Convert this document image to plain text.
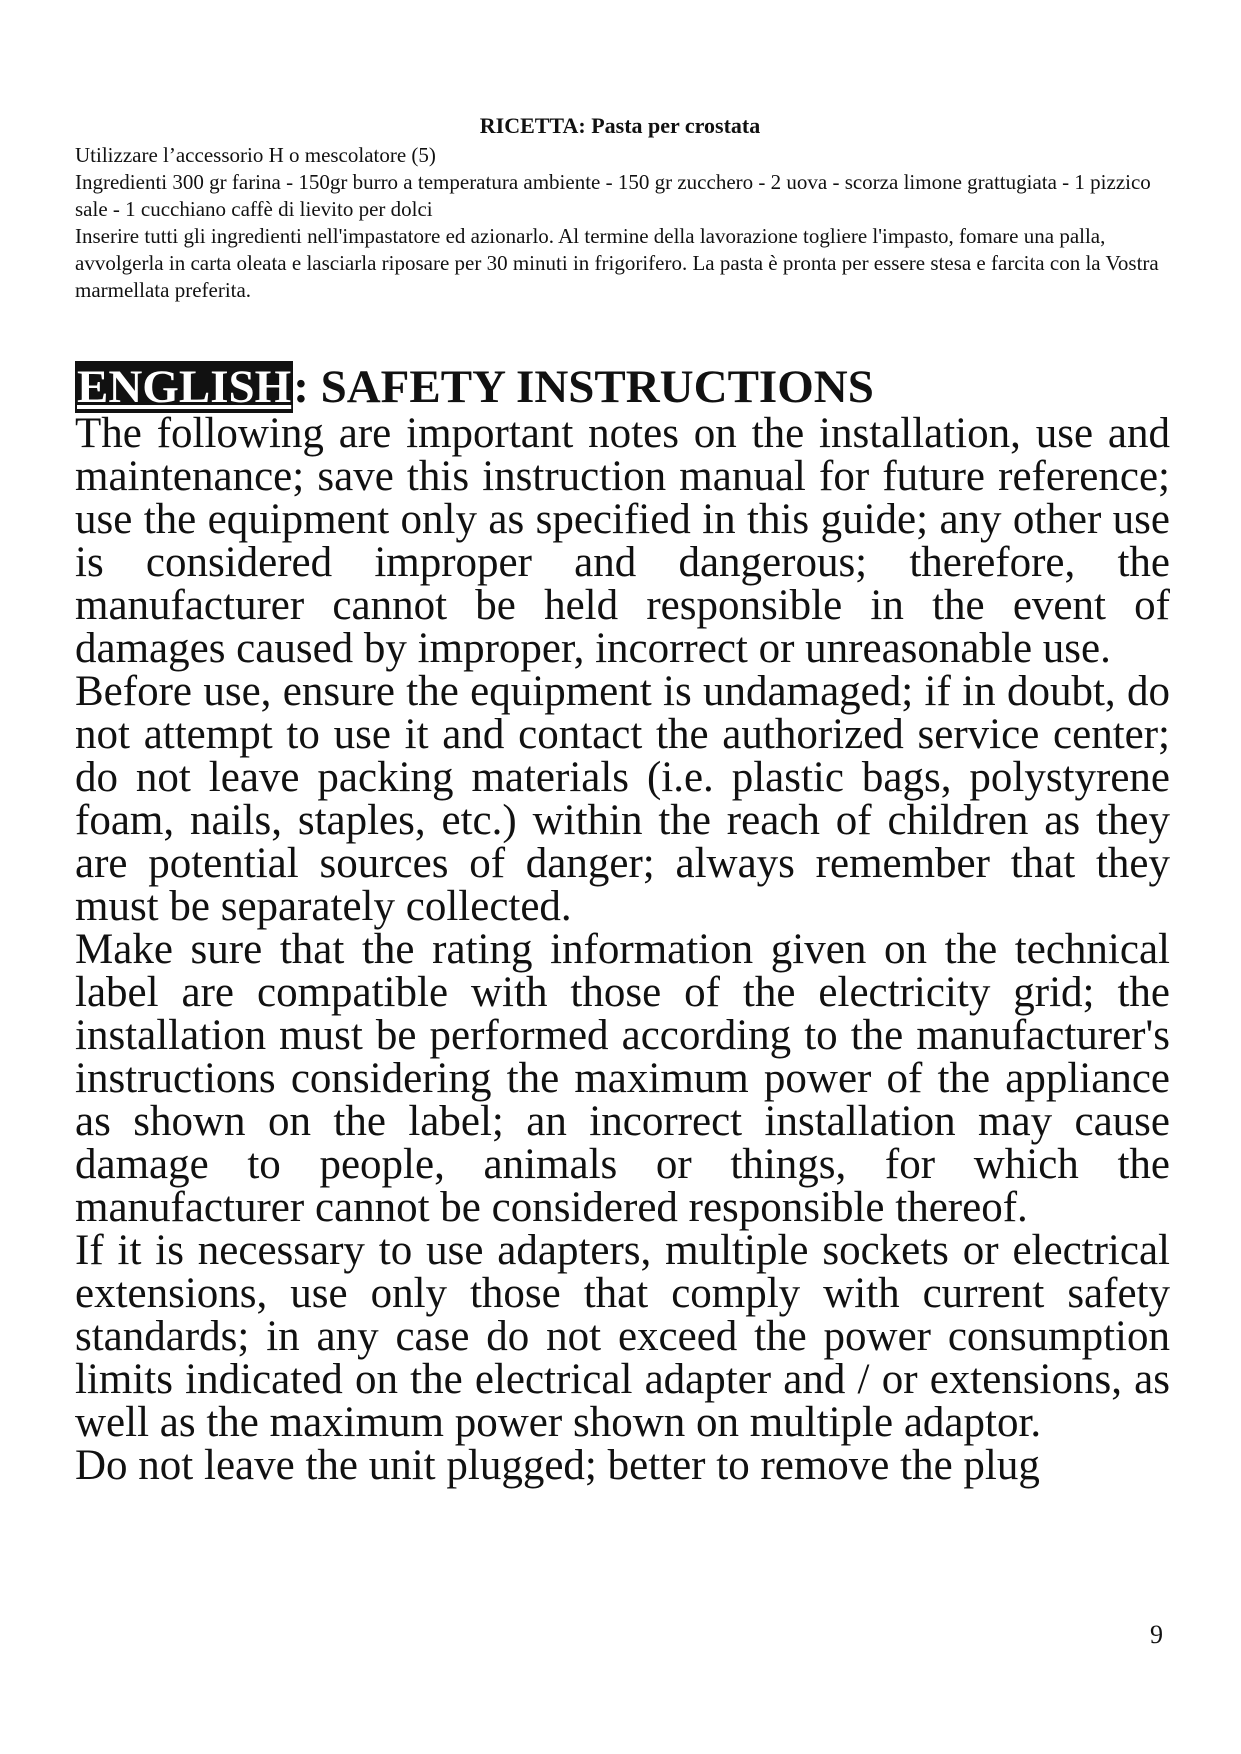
RICETTA: Pasta per crostata

Utilizzare l’accessorio H o mescolatore (5)

Ingredienti 300 gr farina - 150gr burro a temperatura ambiente - 150 gr zucchero - 2 uova - scorza limone grattugiata - 1 pizzico sale - 1 cucchiano caffè di lievito per dolci

Inserire tutti gli ingredienti nell'impastatore ed azionarlo. Al termine della lavorazione togliere l'impasto, fomare una palla, avvolgerla in carta oleata e lasciarla riposare per 30 minuti in frigorifero. La pasta è pronta per essere stesa e farcita con la Vostra marmellata preferita.

ENGLISH: SAFETY INSTRUCTIONS

The following are important notes on the installation, use and maintenance; save this instruction manual for future reference; use the equipment only as specified in this guide; any other use is considered improper and dangerous; therefore, the manufacturer cannot be held responsible in the event of damages caused by improper, incorrect or unreasonable use.

Before use, ensure the equipment is undamaged; if in doubt, do not attempt to use it and contact the authorized service center; do not leave packing materials (i.e. plastic bags, polystyrene foam, nails, staples, etc.) within the reach of children as they are potential sources of danger; always remember that they must be separately collected.

Make sure that the rating information given on the technical label are compatible with those of the electricity grid; the installation must be performed according to the manufacturer's instructions considering the maximum power of the appliance as shown on the label; an incorrect installation may cause damage to people, animals or things, for which the manufacturer cannot be considered responsible thereof.

If it is necessary to use adapters, multiple sockets or electrical extensions, use only those that comply with current safety standards; in any case do not exceed the power consumption limits indicated on the electrical adapter and / or extensions, as well as the maximum power shown on multiple adaptor.

Do not leave the unit plugged; better to remove the plug

9
